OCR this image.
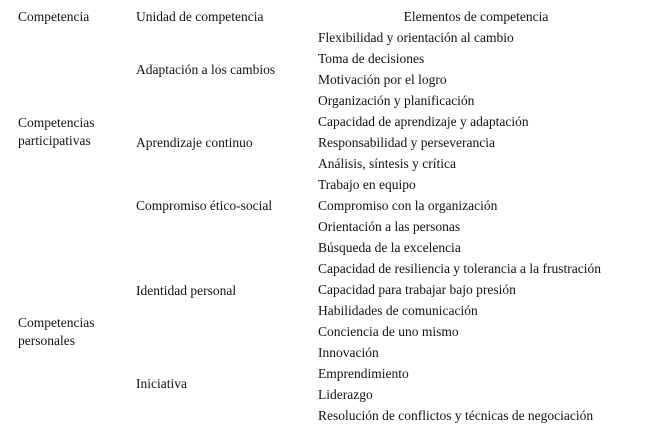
Competencia	Unidad de competencia	Elementos de competencia
Competencias
participativas
Competencias
personales
Adaptación a los cambios
Aprendizaje continuo
Compromiso ético-social
Identidad personal
Iniciativa
Flexibilidad y orientación al cambio
Toma de decisiones
Motivación por el logro
Organización y planificación
Capacidad de aprendizaje y adaptación
Responsabilidad y perseverancia
Análisis, síntesis y crítica
Trabajo en equipo
Compromiso con la organización
Orientación a las personas
Búsqueda de la excelencia
Capacidad de resiliencia y tolerancia a la frustración
Capacidad para trabajar bajo presión
Habilidades de comunicación
Conciencia de uno mismo
Innovación
Emprendimiento
Liderazgo
Resolución de conflictos y técnicas de negociación
